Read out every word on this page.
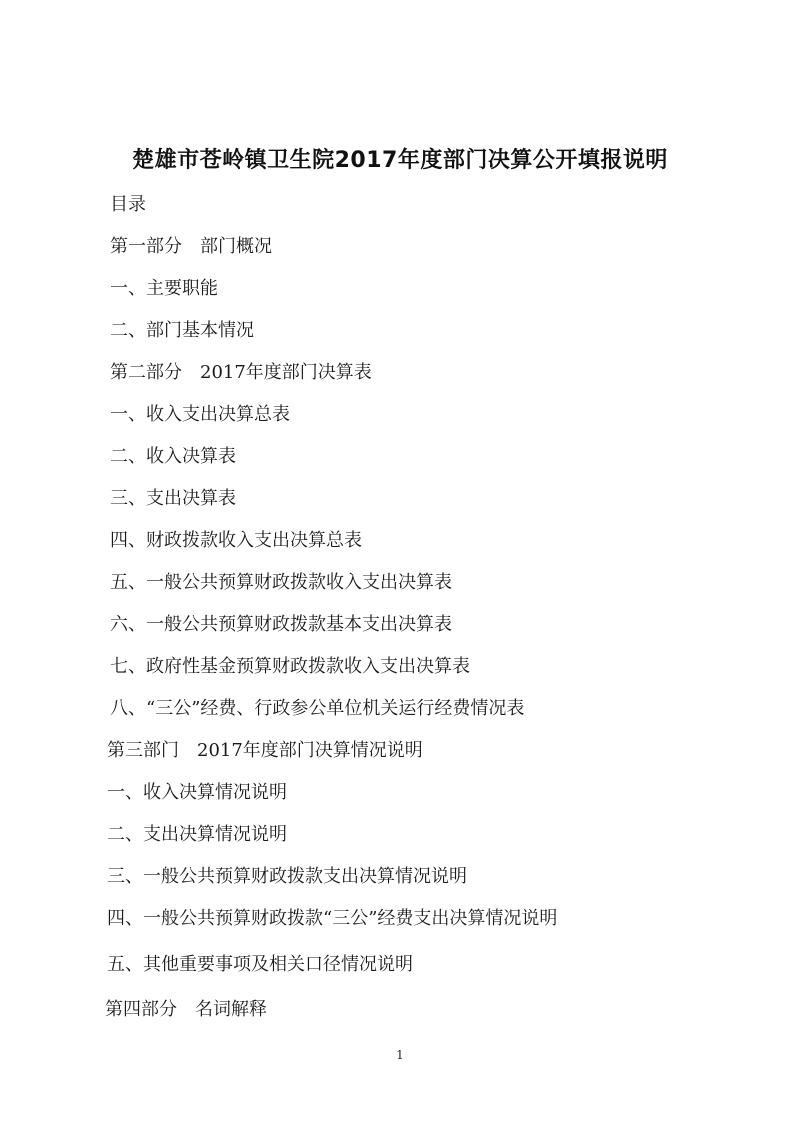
楚雄市苍岭镇卫生院2017年度部门决算公开填报说明
目录
第一部分　部门概况
一、主要职能
二、部门基本情况
第二部分　2017年度部门决算表
一、收入支出决算总表
二、收入决算表
三、支出决算表
四、财政拨款收入支出决算总表
五、一般公共预算财政拨款收入支出决算表
六、一般公共预算财政拨款基本支出决算表
七、政府性基金预算财政拨款收入支出决算表
八、“三公”经费、行政参公单位机关运行经费情况表
第三部门　2017年度部门决算情况说明
一、收入决算情况说明
二、支出决算情况说明
三、一般公共预算财政拨款支出决算情况说明
四、一般公共预算财政拨款“三公”经费支出决算情况说明
五、其他重要事项及相关口径情况说明
第四部分　名词解释
1
